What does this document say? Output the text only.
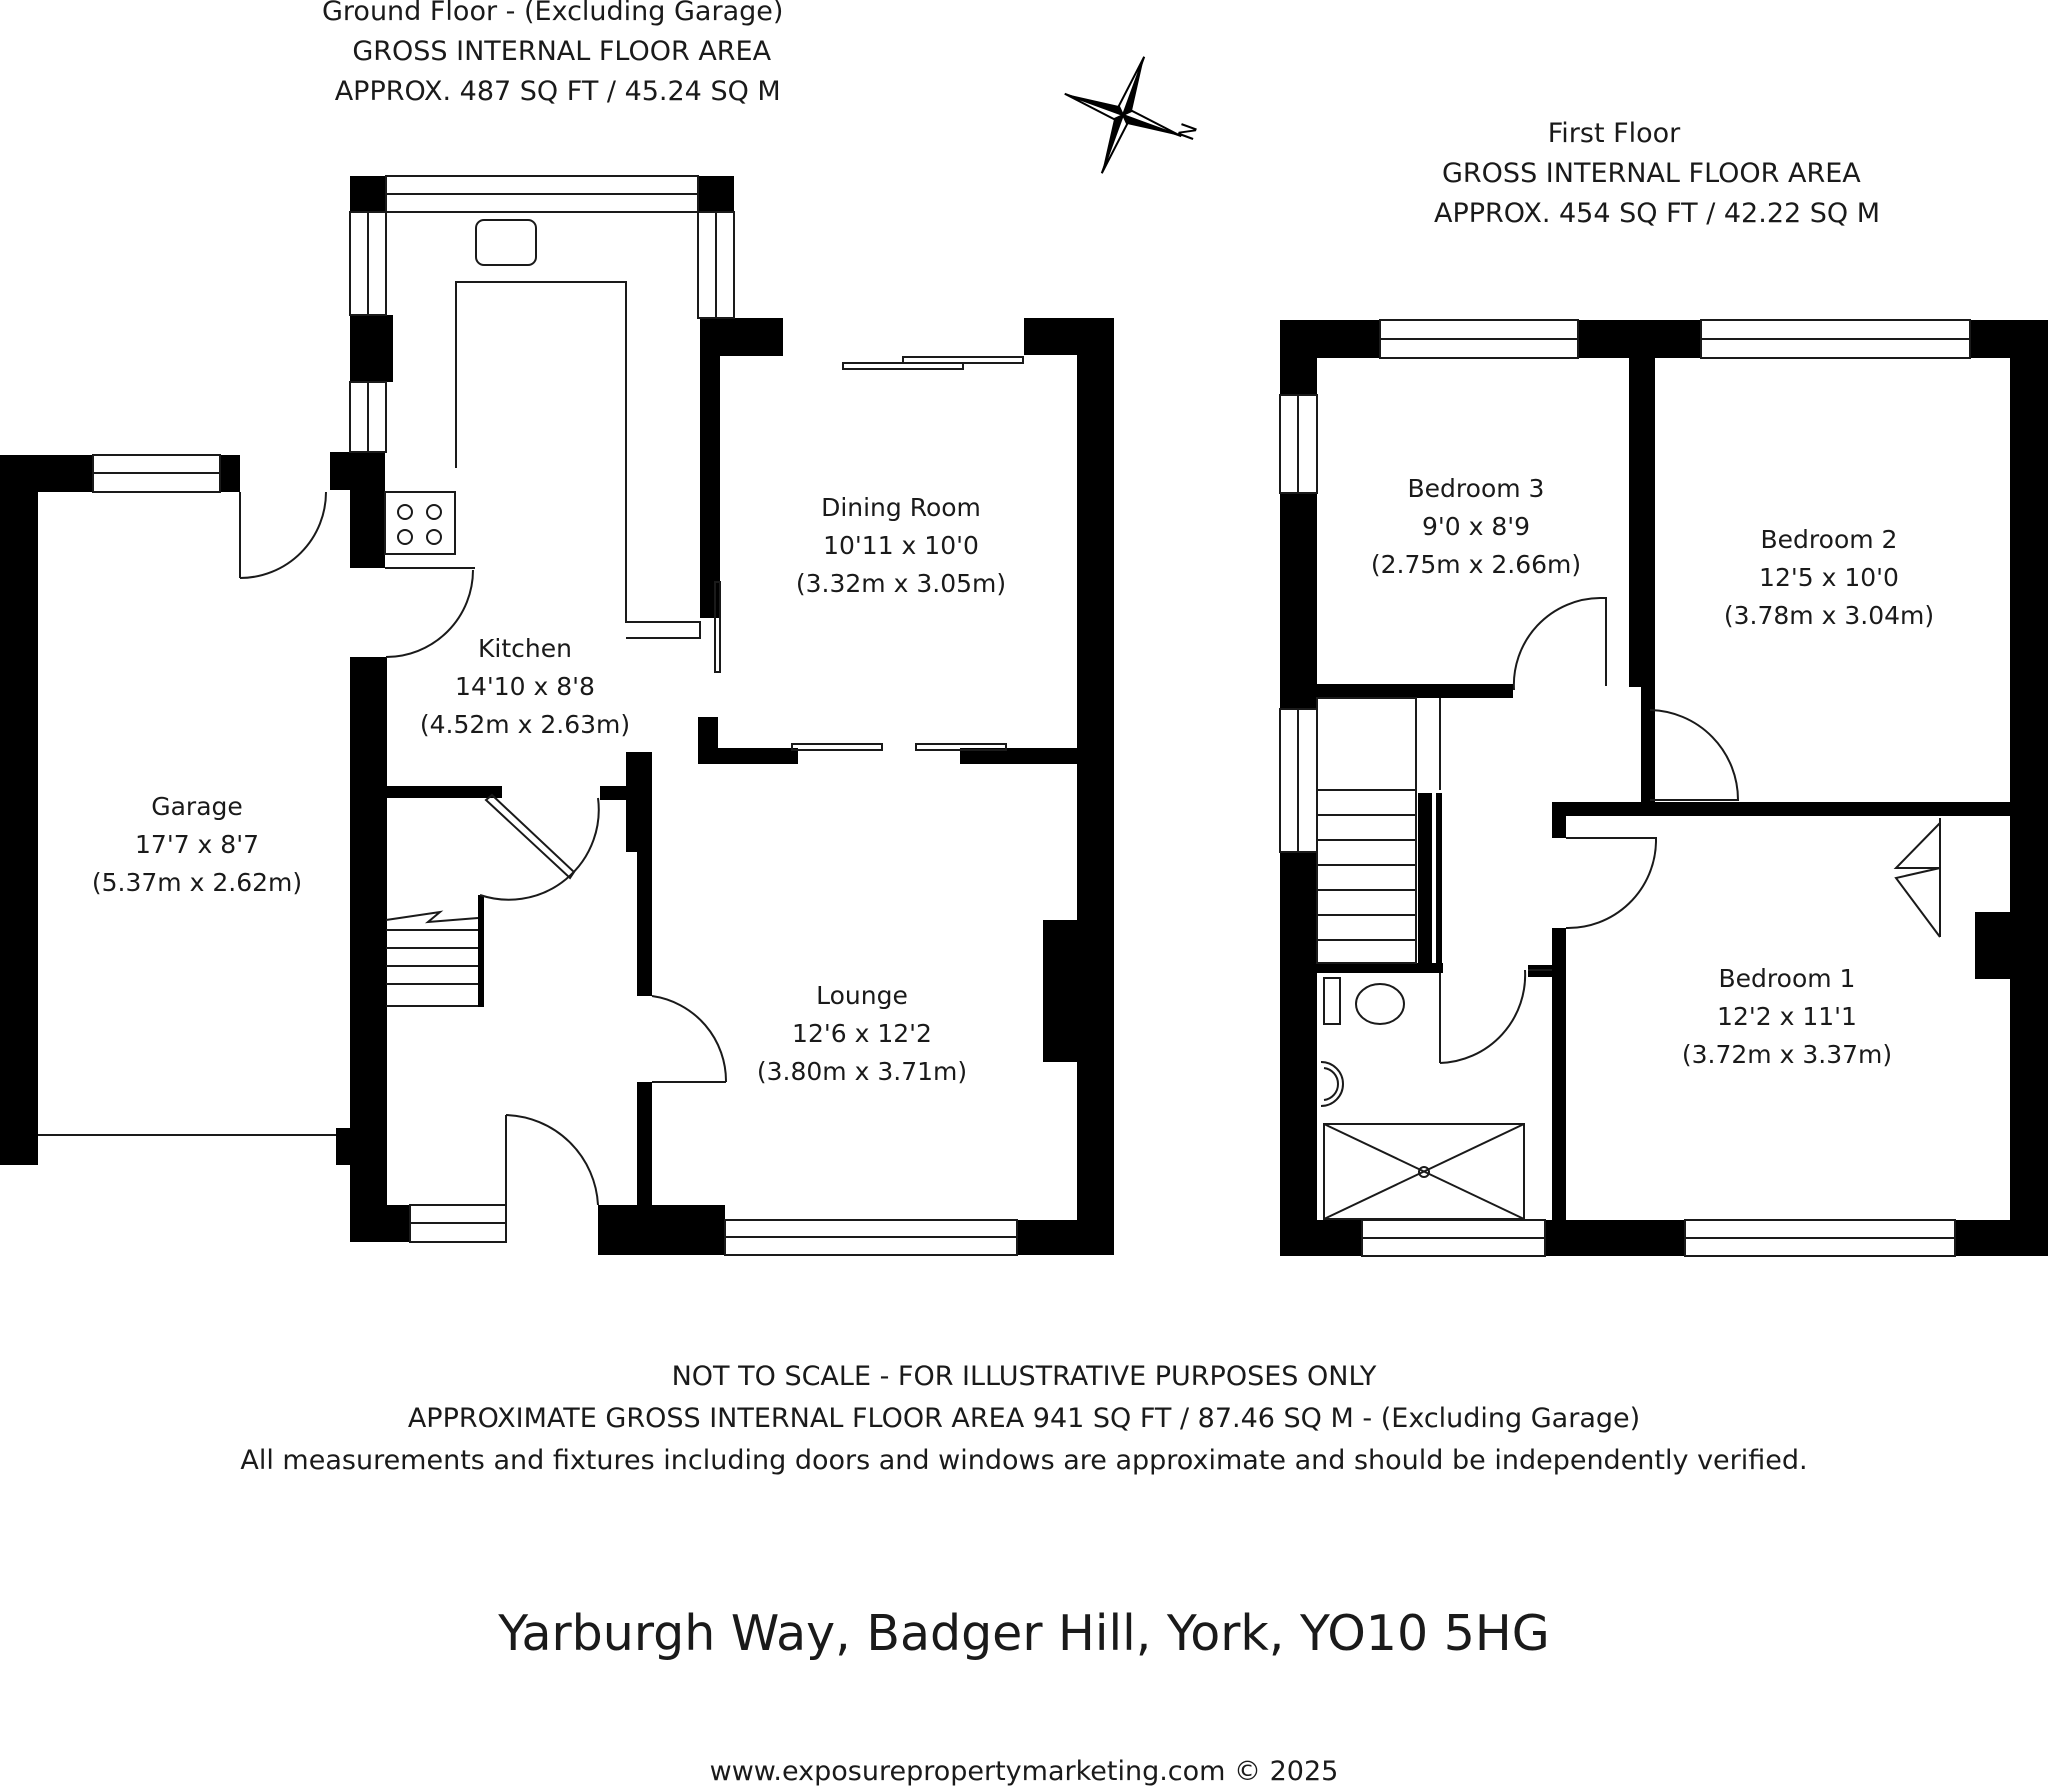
N
Ground Floor - (Excluding Garage)
GROSS INTERNAL FLOOR AREA
APPROX. 487 SQ FT / 45.24 SQ M
First Floor
GROSS INTERNAL FLOOR AREA
APPROX. 454 SQ FT / 42.22 SQ M
Kitchen
14'10 x 8'8
(4.52m x 2.63m)
Dining Room
10'11 x 10'0
(3.32m x 3.05m)
Garage
17'7 x 8'7
(5.37m x 2.62m)
Lounge
12'6 x 12'2
(3.80m x 3.71m)
Bedroom 3
9'0 x 8'9
(2.75m x 2.66m)
Bedroom 2
12'5 x 10'0
(3.78m x 3.04m)
Bedroom 1
12'2 x 11'1
(3.72m x 3.37m)
NOT TO SCALE - FOR ILLUSTRATIVE PURPOSES ONLY
APPROXIMATE GROSS INTERNAL FLOOR AREA 941 SQ FT / 87.46 SQ M - (Excluding Garage)
All measurements and fixtures including doors and windows are approximate and should be independently verified.
Yarburgh Way, Badger Hill, York, YO10 5HG
www.exposurepropertymarketing.com © 2025
